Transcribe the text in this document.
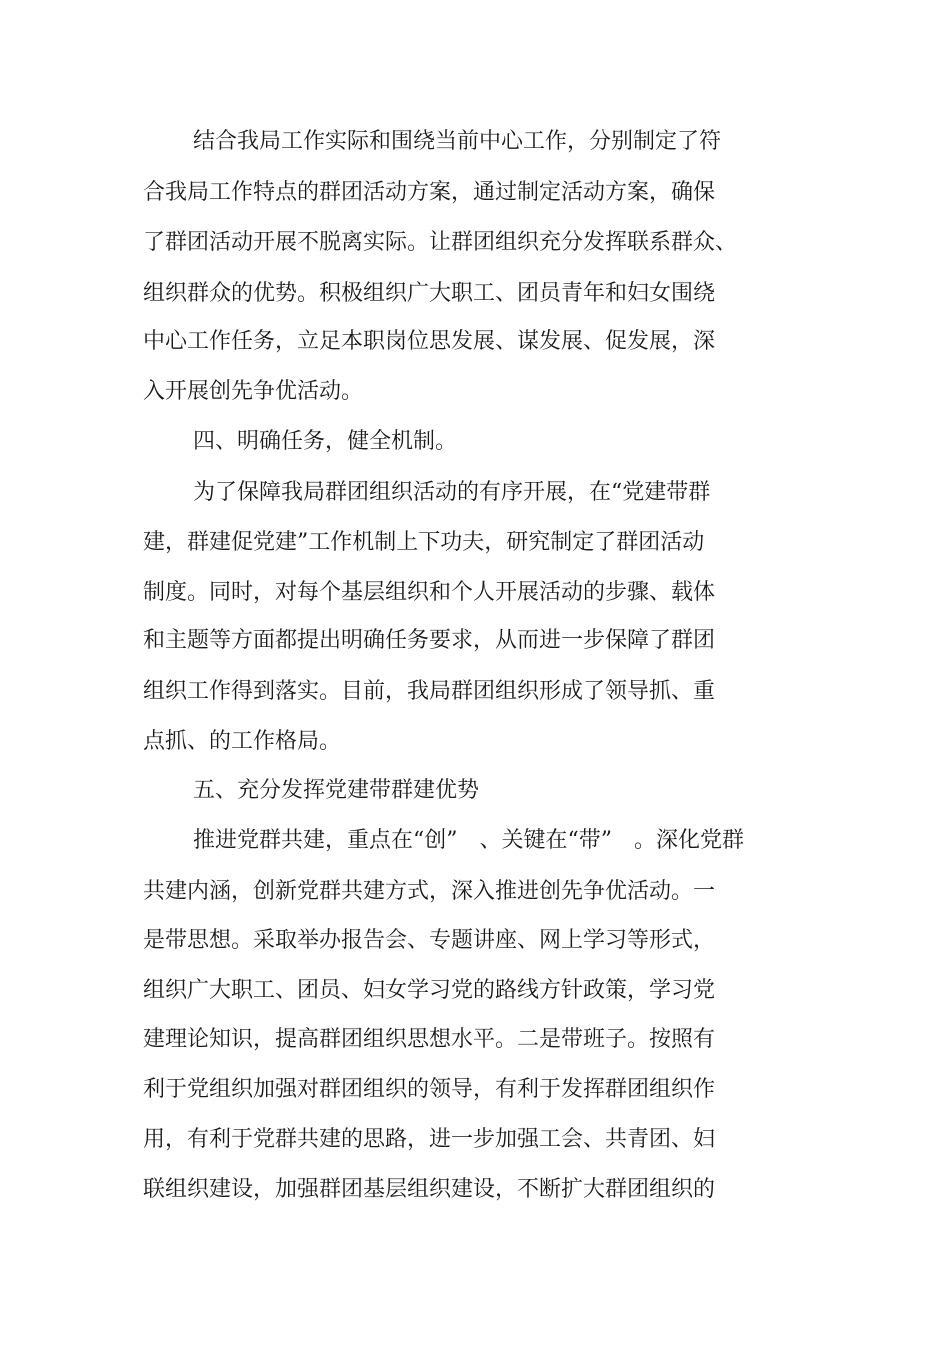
结合我局工作实际和围绕当前中心工作，分别制定了符
合我局工作特点的群团活动方案，通过制定活动方案，确保
了群团活动开展不脱离实际。让群团组织充分发挥联系群众、
组织群众的优势。积极组织广大职工、团员青年和妇女围绕
中心工作任务，立足本职岗位思发展、谋发展、促发展，深
入开展创先争优活动。
四、明确任务，健全机制。
为了保障我局群团组织活动的有序开展，在“党建带群
建，群建促党建”工作机制上下功夫，研究制定了群团活动
制度。同时，对每个基层组织和个人开展活动的步骤、载体
和主题等方面都提出明确任务要求，从而进一步保障了群团
组织工作得到落实。目前，我局群团组织形成了领导抓、重
点抓、的工作格局。
五、充分发挥党建带群建优势
推进党群共建，重点在“创”　、关键在“带”　。深化党群
共建内涵，创新党群共建方式，深入推进创先争优活动。一
是带思想。采取举办报告会、专题讲座、网上学习等形式，
组织广大职工、团员、妇女学习党的路线方针政策，学习党
建理论知识，提高群团组织思想水平。二是带班子。按照有
利于党组织加强对群团组织的领导，有利于发挥群团组织作
用，有利于党群共建的思路，进一步加强工会、共青团、妇
联组织建设，加强群团基层组织建设，不断扩大群团组织的
